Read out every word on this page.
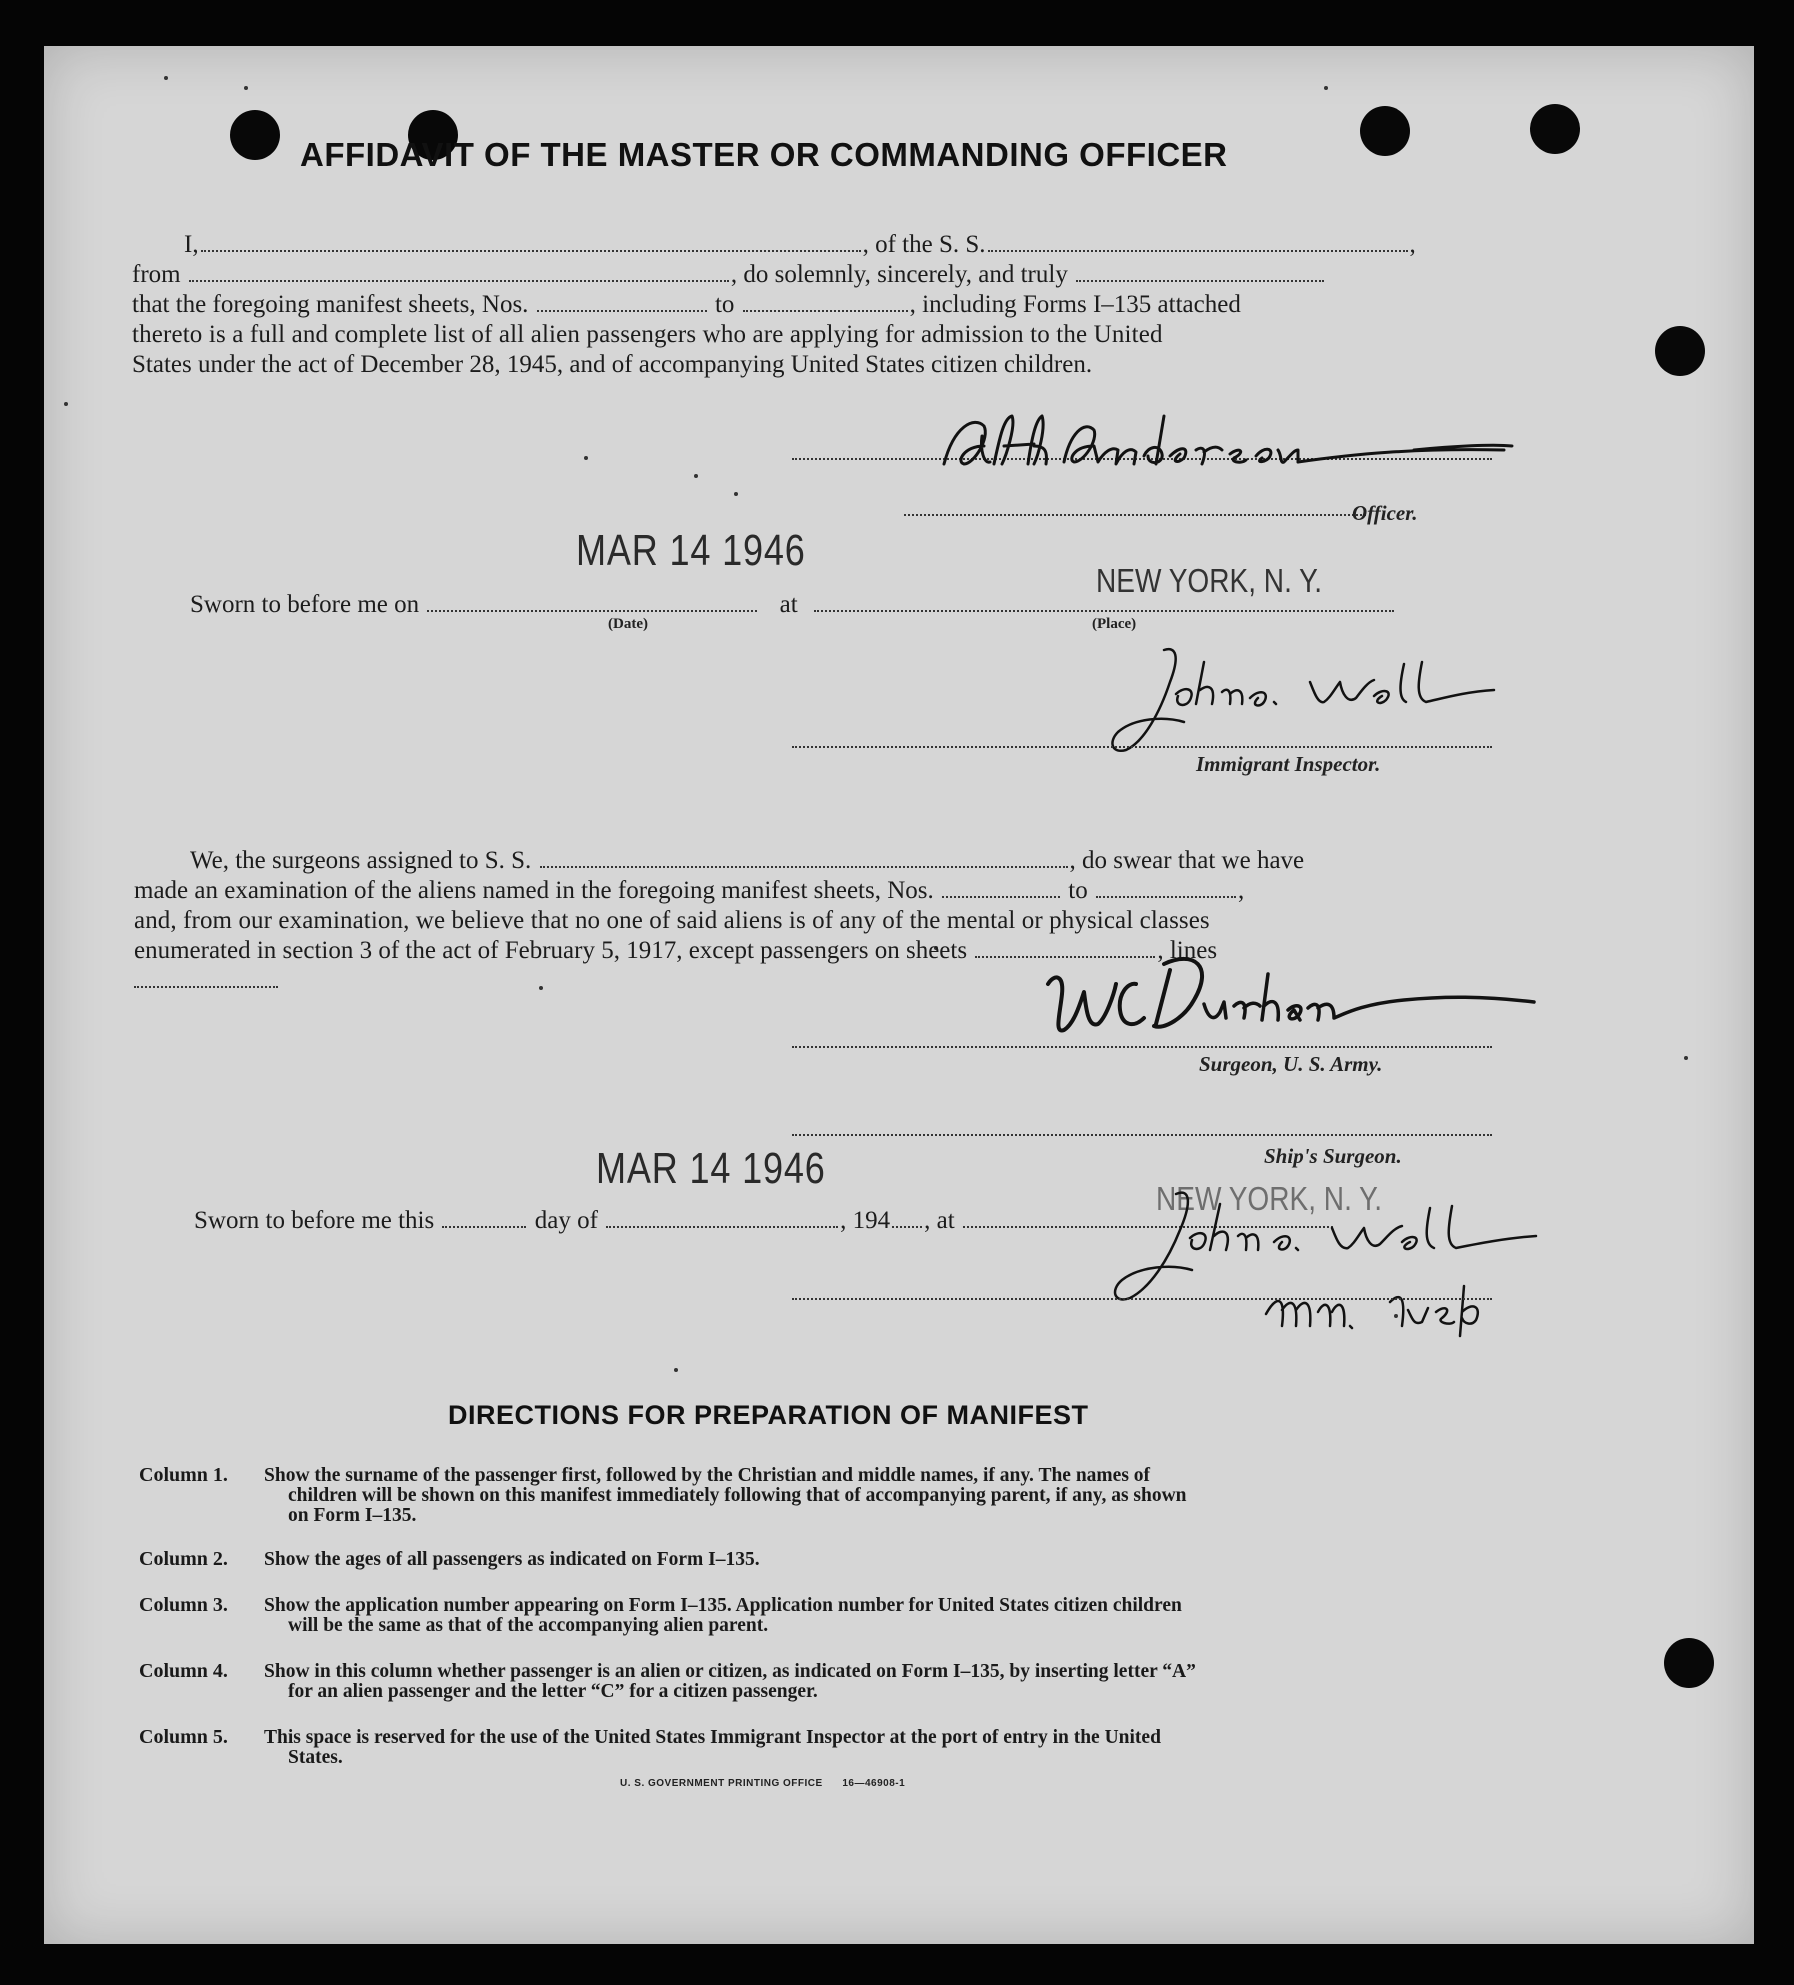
AFFIDAVIT OF THE MASTER OR COMMANDING OFFICER
I,	, of the S. S.	,
from	, do solemnly, sincerely, and truly
that the foregoing manifest sheets, Nos.	to	, including Forms I–135 attached
thereto is a full and complete list of all alien passengers who are applying for admission to the United
States under the act of December 28, 1945, and of accompanying United States citizen children.
Officer.
MAR 14 1946
NEW YORK, N. Y.
Sworn to before me on	at
(Date)	(Place)
Immigrant Inspector.
We, the surgeons assigned to S. S.	, do swear that we have
made an examination of the aliens named in the foregoing manifest sheets, Nos.	to	,
and, from our examination, we believe that no one of said aliens is of any of the mental or physical classes
enumerated in section 3 of the act of February 5, 1917, except passengers on sheets	, lines
Surgeon, U. S. Army.
Ship's Surgeon.
MAR 14 1946
NEW YORK, N. Y.
Sworn to before me this	day of	, 194 , at
DIRECTIONS FOR PREPARATION OF MANIFEST
Column 1. Show the surname of the passenger first, followed by the Christian and middle names, if any. The names of
children will be shown on this manifest immediately following that of accompanying parent, if any, as shown
on Form I–135.
Column 2. Show the ages of all passengers as indicated on Form I–135.
Column 3. Show the application number appearing on Form I–135. Application number for United States citizen children
will be the same as that of the accompanying alien parent.
Column 4. Show in this column whether passenger is an alien or citizen, as indicated on Form I–135, by inserting letter “A”
for an alien passenger and the letter “C” for a citizen passenger.
Column 5. This space is reserved for the use of the United States Immigrant Inspector at the port of entry in the United
States.
U. S. GOVERNMENT PRINTING OFFICE 16—46908-1
